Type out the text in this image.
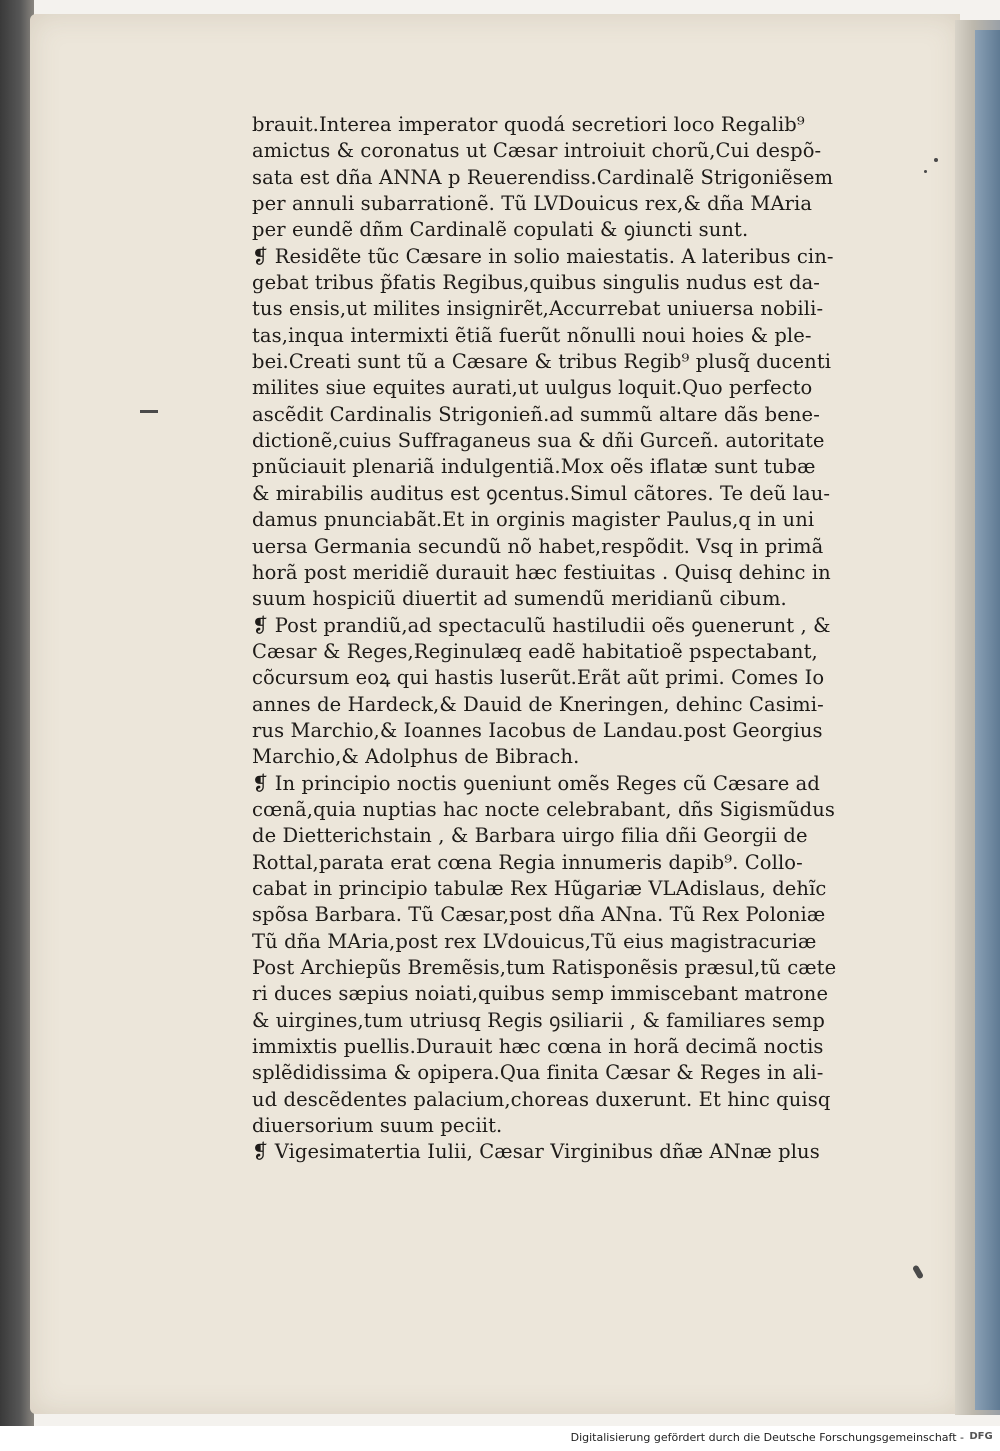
brauit.Interea imperator quodá secretiori loco Regalib⁹
amictus & coronatus ut Cæsar introiuit chorũ,Cui despõ-
sata est dña ANNA p Reuerendiss.Cardinalẽ Strigoniẽsem
per annuli subarrationẽ. Tũ LVDouicus rex,& dña MAria
per eundẽ dñm Cardinalẽ copulati & ꝯiuncti sunt.
❡ Residẽte tũc Cæsare in solio maiestatis. A lateribus cin-
gebat tribus p̃fatis Regibus,quibus singulis nudus est da-
tus ensis,ut milites insignirẽt,Accurrebat uniuersa nobili-
tas,inqua intermixti ẽtiã fuerũt nõnulli noui hoies & ple-
bei.Creati sunt tũ a Cæsare & tribus Regib⁹ plusq̃ ducenti
milites siue equites aurati,ut uulgus loquit.Quo perfecto
ascẽdit Cardinalis Strigonieñ.ad summũ altare dãs bene-
dictionẽ,cuius Suffraganeus sua & dñi Gurceñ. autoritate
pnũciauit plenariã indulgentiã.Mox oẽs iflatæ sunt tubæ
& mirabilis auditus est ꝯcentus.Simul cãtores. Te deũ lau-
damus pnunciabãt.Et in orginis magister Paulus,q in uni
uersa Germania secundũ nõ habet,respõdit. Vsq in primã
horã post meridiẽ durauit hæc festiuitas . Quisq dehinc in
suum hospiciũ diuertit ad sumendũ meridianũ cibum.
❡ Post prandiũ,ad spectaculũ hastiludii oẽs ꝯuenerunt , &
Cæsar & Reges,Reginulæq eadẽ habitatioẽ pspectabant,
cõcursum eoꝝ qui hastis luserũt.Erãt aũt primi. Comes Io
annes de Hardeck,& Dauid de Kneringen, dehinc Casimi-
rus Marchio,& Ioannes Iacobus de Landau.post Georgius
Marchio,& Adolphus de Bibrach.
❡ In principio noctis ꝯueniunt omẽs Reges cũ Cæsare ad
cœnã,quia nuptias hac nocte celebrabant, dñs Sigismũdus
de Dietterichstain , & Barbara uirgo filia dñi Georgii de
Rottal,parata erat cœna Regia innumeris dapib⁹. Collo-
cabat in principio tabulæ Rex Hũgariæ VLAdislaus, dehĩc
spõsa Barbara. Tũ Cæsar,post dña ANna. Tũ Rex Poloniæ
Tũ dña MAria,post rex LVdouicus,Tũ eius magistracuriæ
Post Archiepũs Bremẽsis,tum Ratisponẽsis præsul,tũ cæte
ri duces sæpius noiati,quibus semp immiscebant matrone
& uirgines,tum utriusq Regis ꝯsiliarii , & familiares semp
immixtis puellis.Durauit hæc cœna in horã decimã noctis
splẽdidissima & opipera.Qua finita Cæsar & Reges in ali-
ud descẽdentes palacium,choreas duxerunt. Et hinc quisq
diuersorium suum peciit.
❡ Vigesimatertia Iulii, Cæsar Virginibus dñæ ANnæ plus
Digitalisierung gefördert durch die Deutsche Forschungsgemeinschaft - DFG
